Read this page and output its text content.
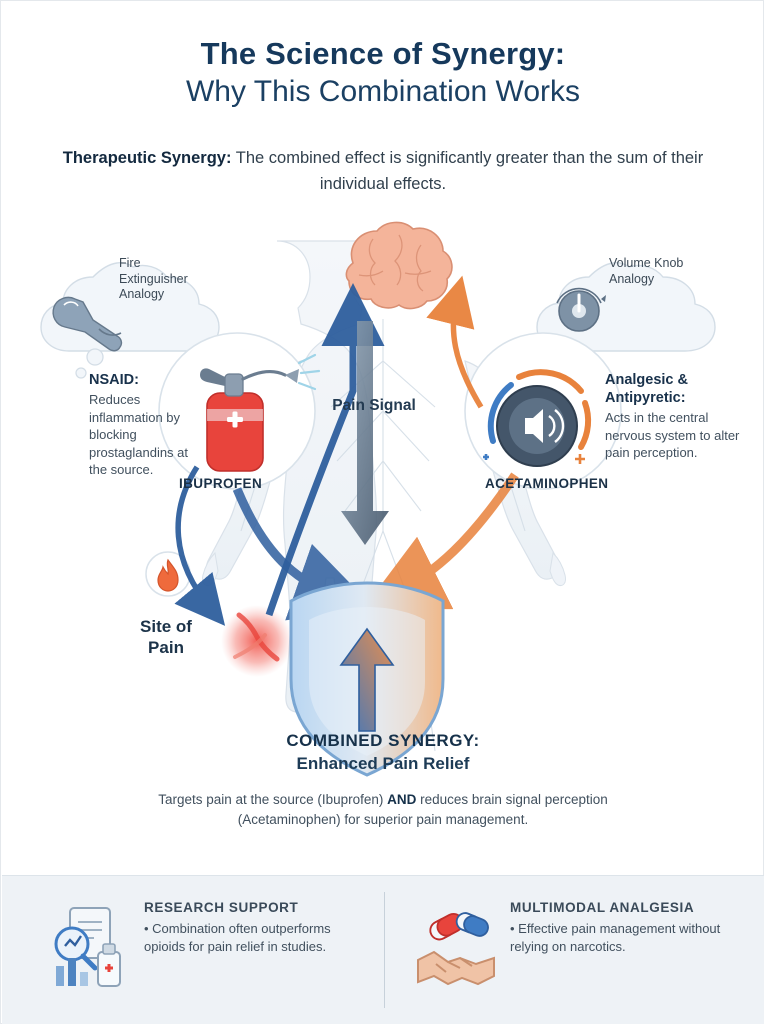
The Science of Synergy:
Why This Combination Works
Therapeutic Synergy: The combined effect is significantly greater than the sum of their individual effects.
Fire Extinguisher Analogy
Volume Knob Analogy
NSAID:
Reduces inflammation by blocking prostaglandins at the source.
Analgesic & Antipyretic:
Acts in the central nervous system to alter pain perception.
IBUPROFEN	ACETAMINOPHEN
Pain Signal
Site of Pain
COMBINED SYNERGY:
Enhanced Pain Relief
Targets pain at the source (Ibuprofen) AND reduces brain signal perception (Acetaminophen) for superior pain management.
RESEARCH SUPPORT
• Combination often outperforms opioids for pain relief in studies.
MULTIMODAL ANALGESIA
• Effective pain management without relying on narcotics.
